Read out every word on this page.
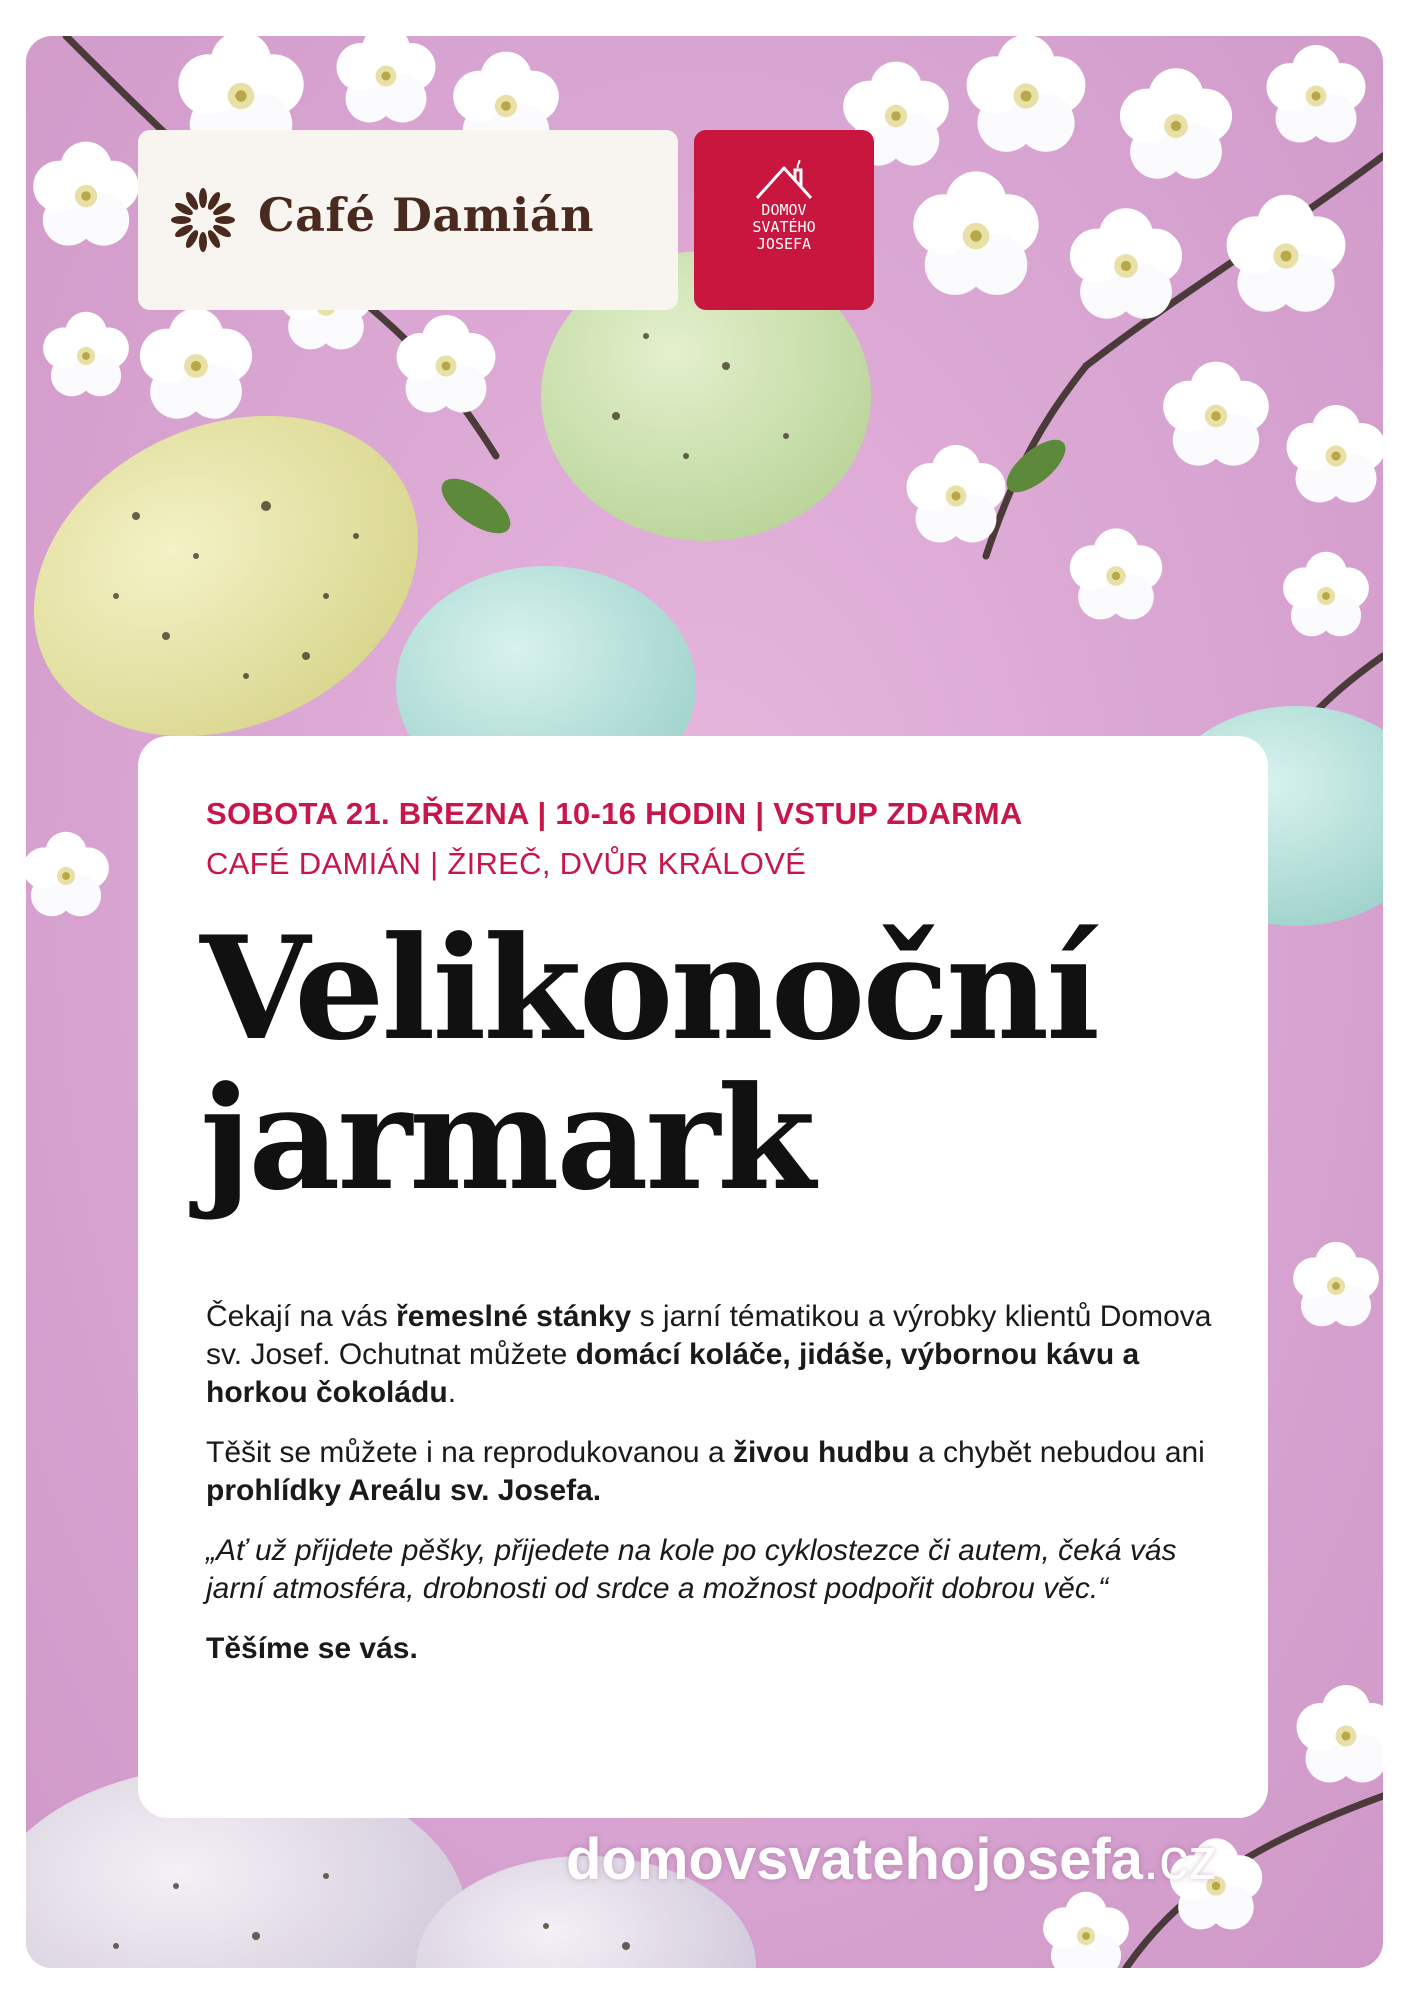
Café Damián	DOMOV
SVATÉHO
JOSEFA
SOBOTA 21. BŘEZNA | 10-16 HODIN | VSTUP ZDARMA
CAFÉ DAMIÁN | ŽIREČ, DVŮR KRÁLOVÉ
Velikonoční
jarmark

Čekají na vás řemeslné stánky s jarní tématikou a výrobky klientů Domova sv. Josef. Ochutnat můžete domácí koláče, jidáše, výbornou kávu a horkou čokoládu.

Těšit se můžete i na reprodukovanou a živou hudbu a chybět nebudou ani prohlídky Areálu sv. Josefa.

„Ať už přijdete pěšky, přijedete na kole po cyklostezce či autem, čeká vás jarní atmosféra, drobnosti od srdce a možnost podpořit dobrou věc.“

Těšíme se vás.

domovsvatehojosefa.cz
